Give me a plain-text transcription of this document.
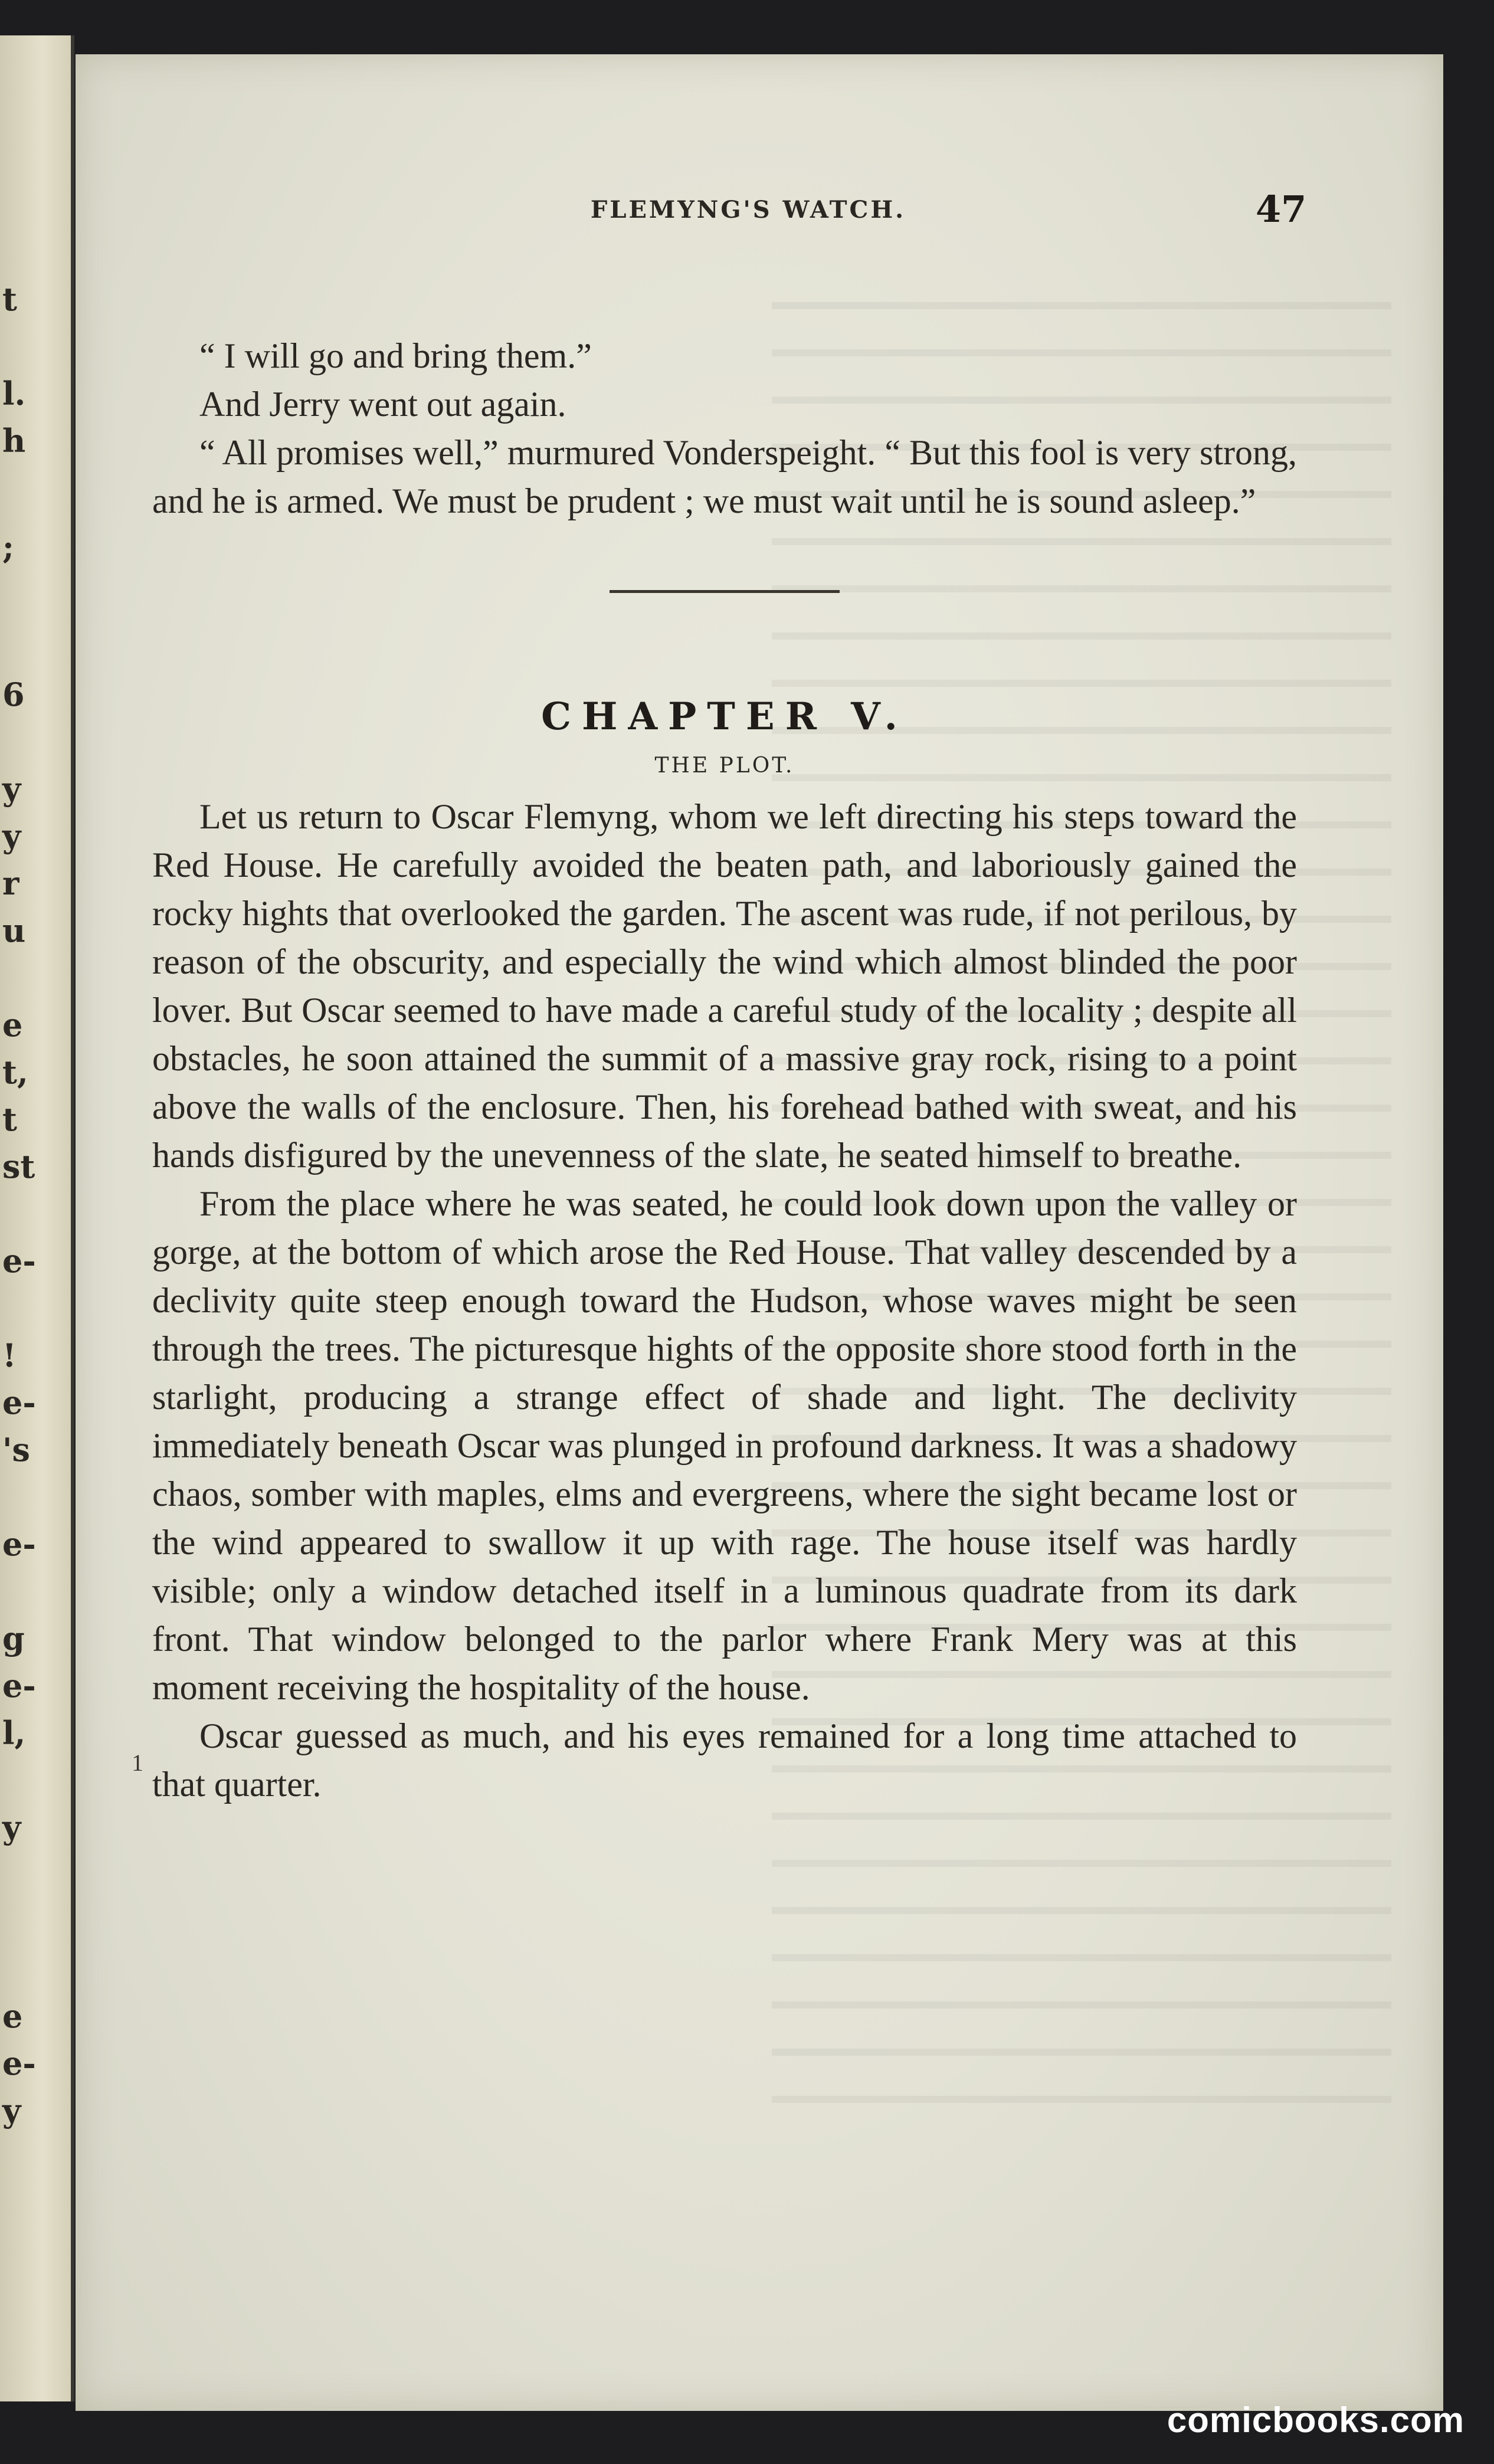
t
l.
h
;
6
y
y
r
u
e
t,
t
st
e-
!
e-
's
e-
g
e-
l,
y
e
e-
y
FLEMYNG'S WATCH.	47

“ I will go and bring them.”

And Jerry went out again.

“ All promises well,” murmured Vonderspeight. “ But this fool is very strong, and he is armed. We must be prudent ; we must wait until he is sound asleep.”

CHAPTER V.
THE PLOT.

Let us return to Oscar Flemyng, whom we left directing his steps toward the Red House. He carefully avoided the beaten path, and laboriously gained the rocky hights that overlooked the garden. The ascent was rude, if not perilous, by reason of the obscurity, and especially the wind which almost blinded the poor lover. But Oscar seemed to have made a careful study of the locality ; despite all obstacles, he soon attained the summit of a massive gray rock, rising to a point above the walls of the enclosure. Then, his forehead bathed with sweat, and his hands disfigured by the unevenness of the slate, he seated himself to breathe.

From the place where he was seated, he could look down upon the valley or gorge, at the bottom of which arose the Red House. That valley descended by a declivity quite steep enough toward the Hudson, whose waves might be seen through the trees. The picturesque hights of the opposite shore stood forth in the starlight, producing a strange effect of shade and light. The declivity immediately beneath Oscar was plunged in profound darkness. It was a shadowy chaos, somber with maples, elms and evergreens, where the sight became lost or the wind appeared to swallow it up with rage. The house itself was hardly visible; only a window detached itself in a luminous quadrate from its dark front. That window belonged to the parlor where Frank Mery was at this moment receiving the hospitality of the house.

Oscar guessed as much, and his eyes remained for a long time attached to that quarter.

1
comicbooks.com
